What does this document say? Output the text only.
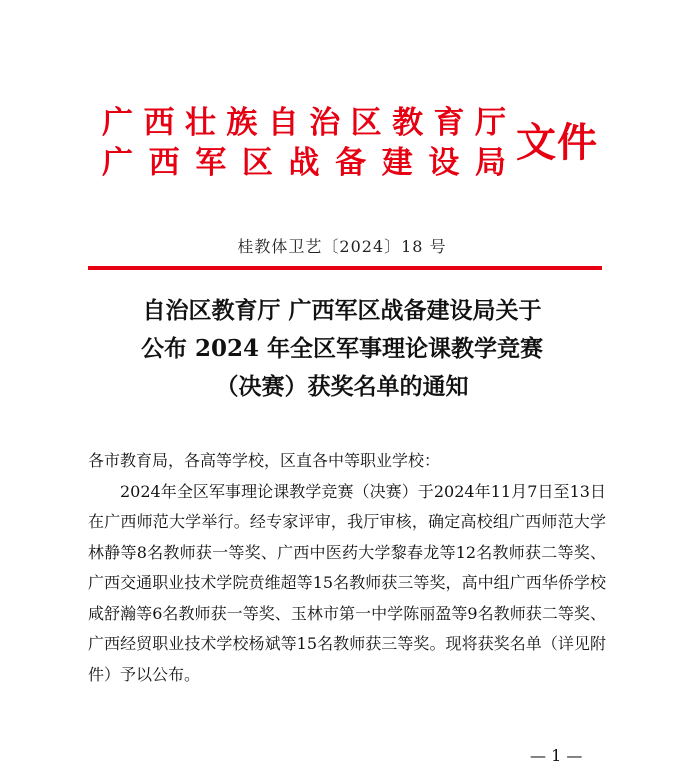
广 西 壮 族 自 治 区 教 育 厅
广 西 军 区 战 备 建 设 局 文件
桂教体卫艺〔2024〕18 号
自治区教育厅 广西军区战备建设局关于
公布 2024 年全区军事理论课教学竞赛
（决赛）获奖名单的通知

各市教育局，各高等学校，区直各中等职业学校：

2024年全区军事理论课教学竞赛（决赛）于2024年11月7日至13日在广西师范大学举行。经专家评审，我厅审核，确定高校组广西师范大学林静等8名教师获一等奖、广西中医药大学黎春龙等12名教师获二等奖、广西交通职业技术学院贲维超等15名教师获三等奖，高中组广西华侨学校咸舒瀚等6名教师获一等奖、玉林市第一中学陈丽盈等9名教师获二等奖、广西经贸职业技术学校杨斌等15名教师获三等奖。现将获奖名单（详见附件）予以公布。

— 1 —
